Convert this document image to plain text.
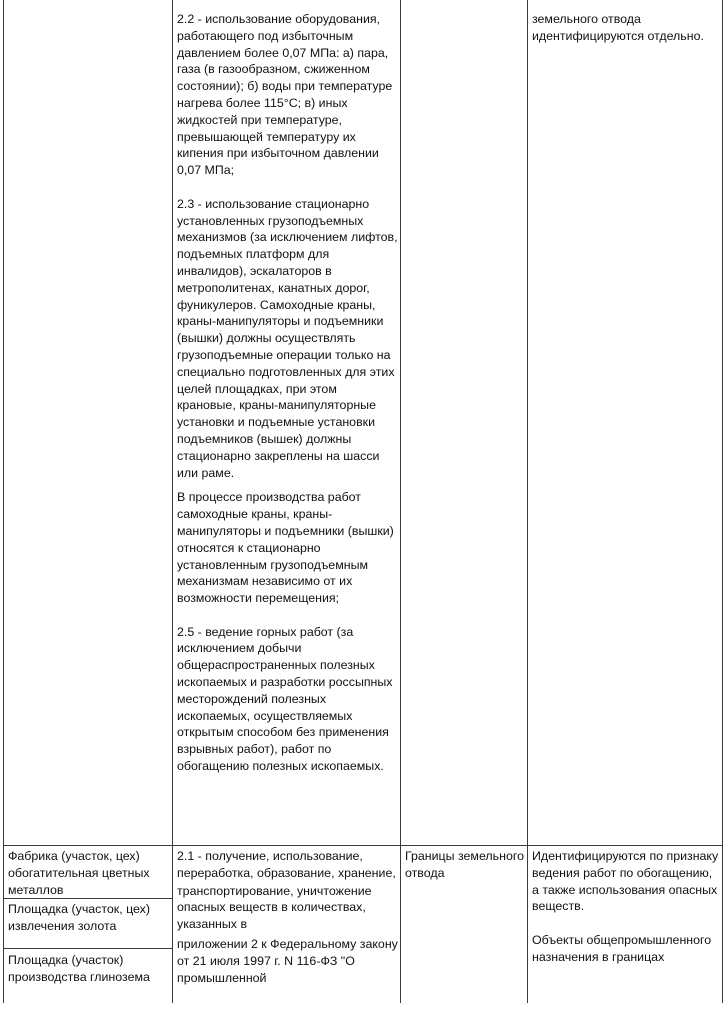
2.2 - использование оборудования, работающего под избыточным давлением более 0,07 МПа: а) пара, газа (в газообразном, сжиженном состоянии); б) воды при температуре нагрева более 115°С; в) иных жидкостей при температуре, превышающей температуру их кипения при избыточном давлении 0,07 МПа;

2.3 - использование стационарно установленных грузоподъемных механизмов (за исключением лифтов, подъемных платформ для инвалидов), эскалаторов в метрополитенах, канатных дорог, фуникулеров. Самоходные краны, краны-манипуляторы и подъемники (вышки) должны осуществлять грузоподъемные операции только на специально подготовленных для этих целей площадках, при этом крановые, краны-манипуляторные установки и подъемные установки подъемников (вышек) должны стационарно закреплены на шасси или раме.

В процессе производства работ самоходные краны, краны-манипуляторы и подъемники (вышки) относятся к стационарно установленным грузоподъемным механизмам независимо от их возможности перемещения;

2.5 - ведение горных работ (за исключением добычи общераспространенных полезных ископаемых и разработки россыпных месторождений полезных ископаемых, осуществляемых открытым способом без применения взрывных работ), работ по обогащению полезных ископаемых.

земельного отвода идентифицируются отдельно.

Фабрика (участок, цех) обогатительная цветных металлов

Площадка (участок, цех) извлечения золота

Площадка (участок) производства глинозема

2.1 - получение, использование, переработка, образование, хранение,

транспортирование, уничтожение опасных веществ в количествах, указанных в

приложении 2 к Федеральному закону от 21 июля 1997 г. N 116-ФЗ "О промышленной

Границы земельного отвода

Идентифицируются по признаку ведения работ по обогащению, а также использования опасных веществ.

Объекты общепромышленного назначения в границах
